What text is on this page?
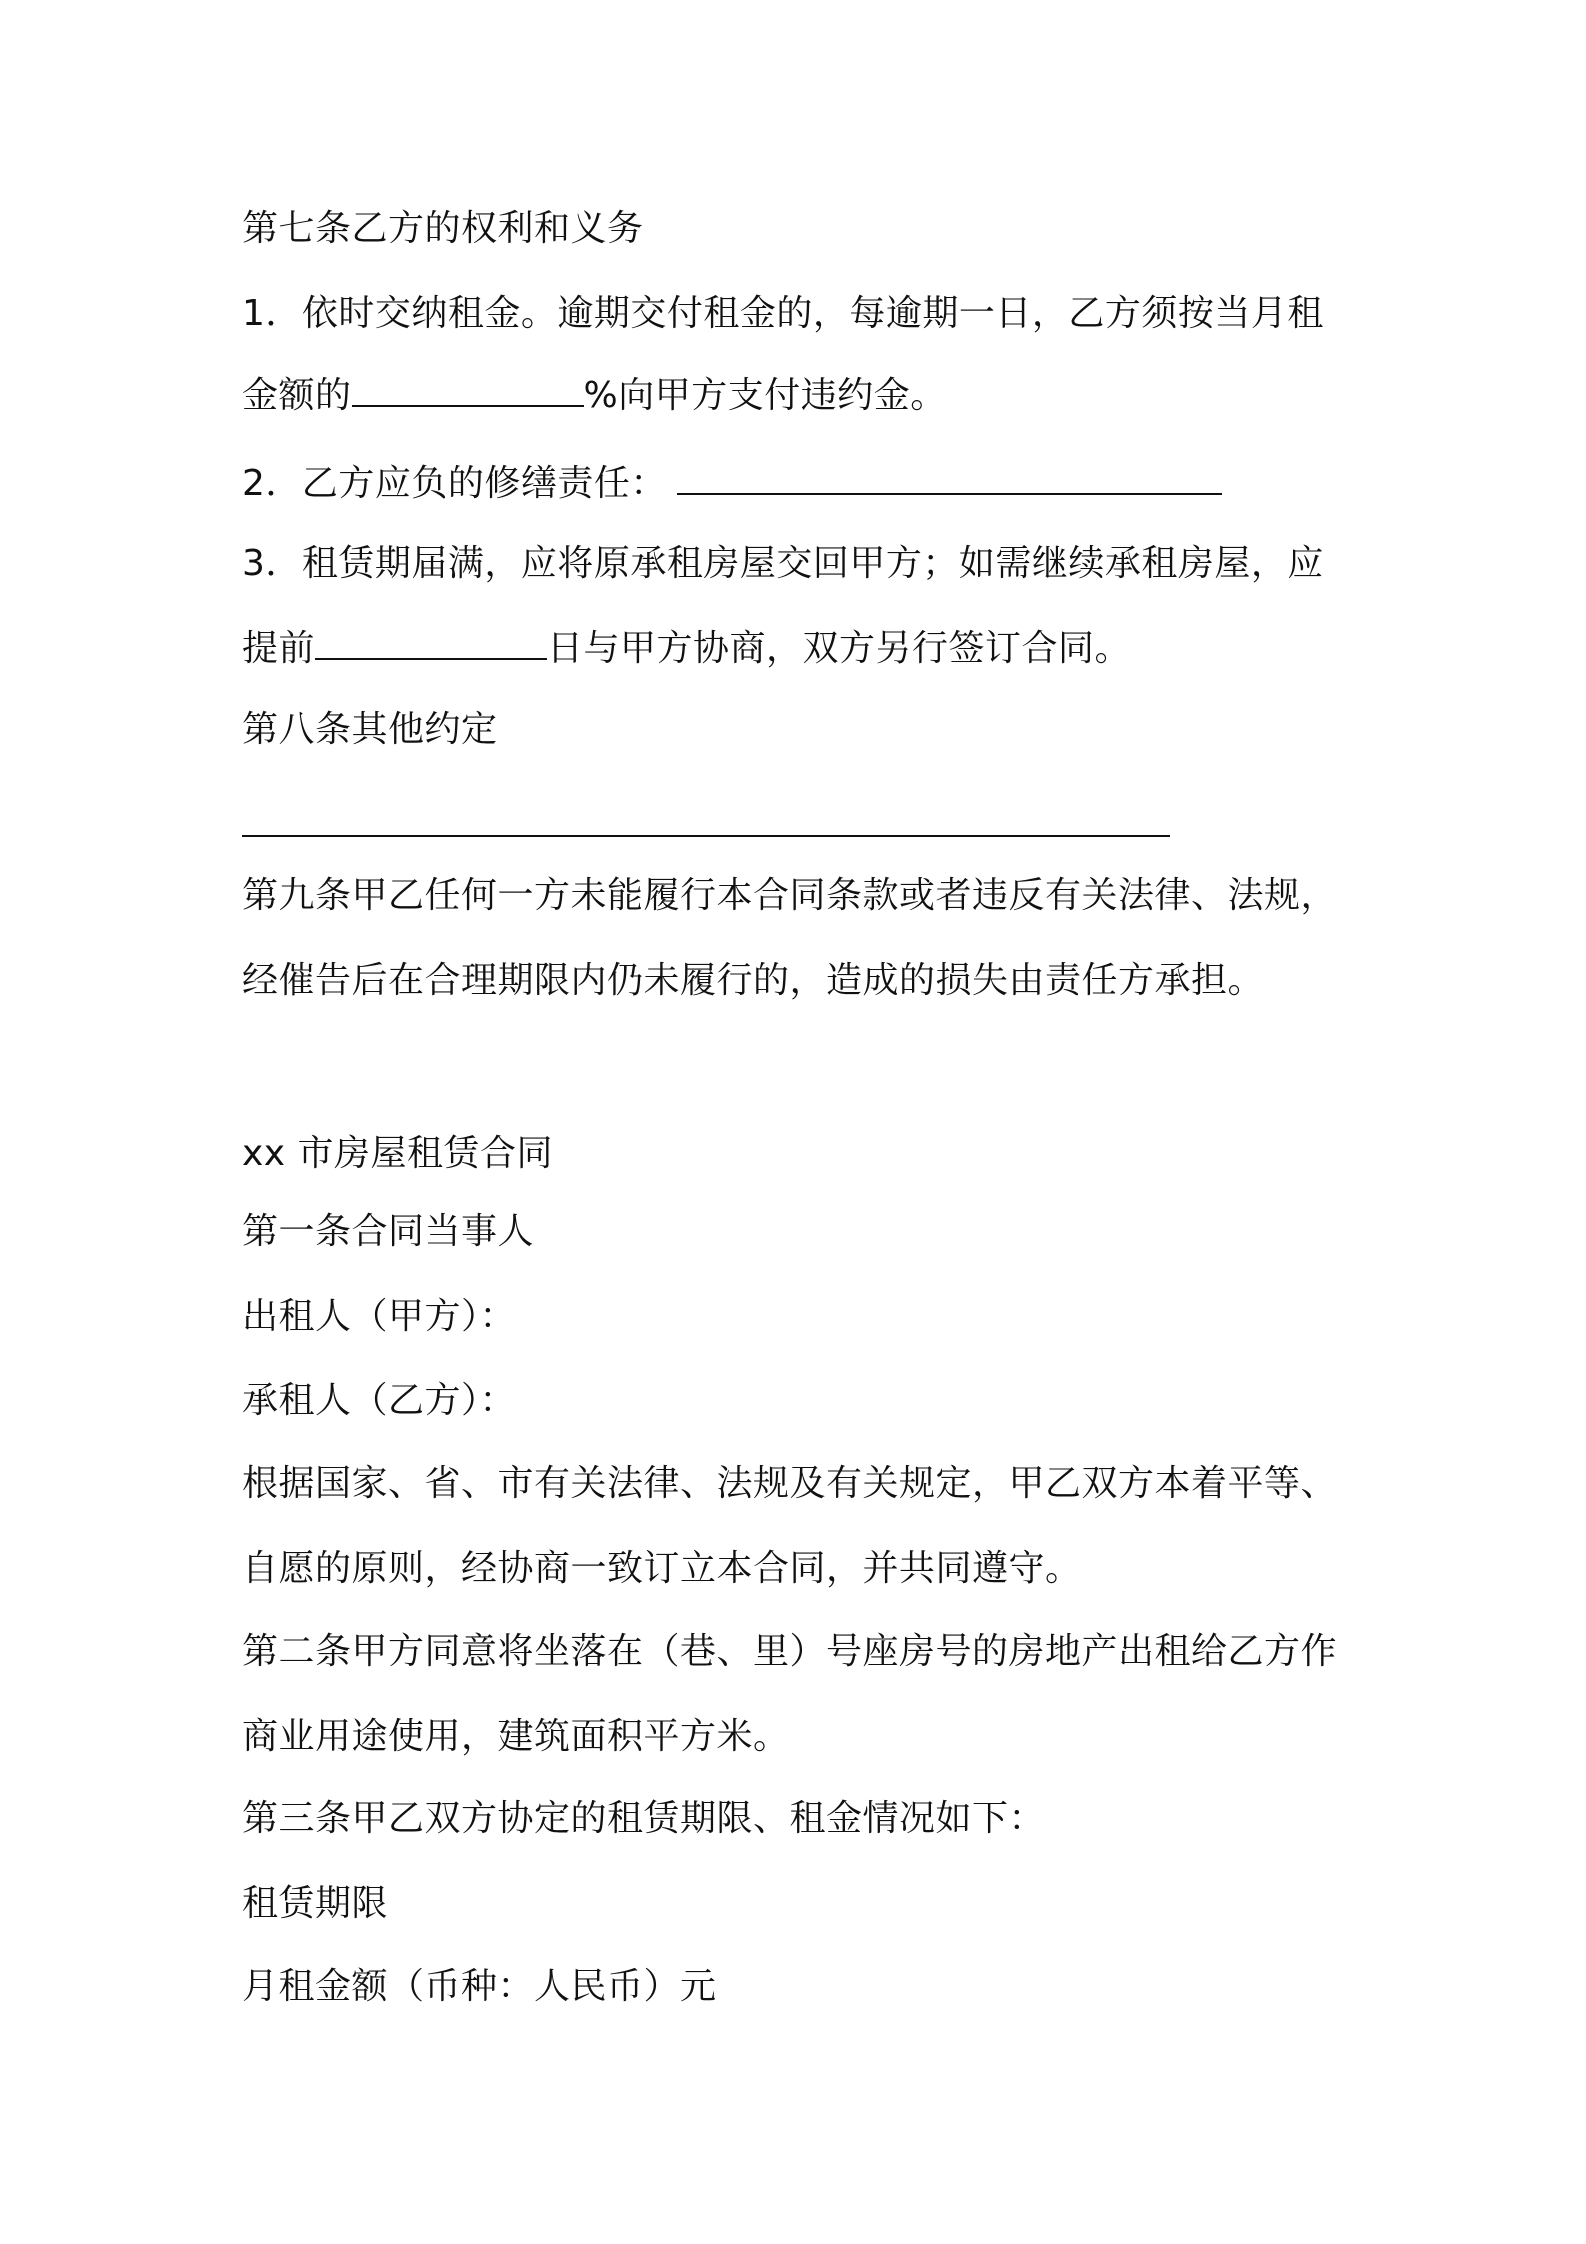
第七条乙方的权利和义务
1．依时交纳租金。逾期交付租金的，每逾期一日，乙方须按当月租
金额的	%向甲方支付违约金。
2．乙方应负的修缮责任：
3．租赁期届满，应将原承租房屋交回甲方；如需继续承租房屋，应
提前	日与甲方协商，双方另行签订合同。
第八条其他约定
第九条甲乙任何一方未能履行本合同条款或者违反有关法律、法规，
经催告后在合理期限内仍未履行的，造成的损失由责任方承担。
xx 市房屋租赁合同
第一条合同当事人
出租人（甲方）：
承租人（乙方）：
根据国家、省、市有关法律、法规及有关规定，甲乙双方本着平等、
自愿的原则，经协商一致订立本合同，并共同遵守。
第二条甲方同意将坐落在（巷、里）号座房号的房地产出租给乙方作
商业用途使用，建筑面积平方米。
第三条甲乙双方协定的租赁期限、租金情况如下：
租赁期限
月租金额（币种：人民币）元
